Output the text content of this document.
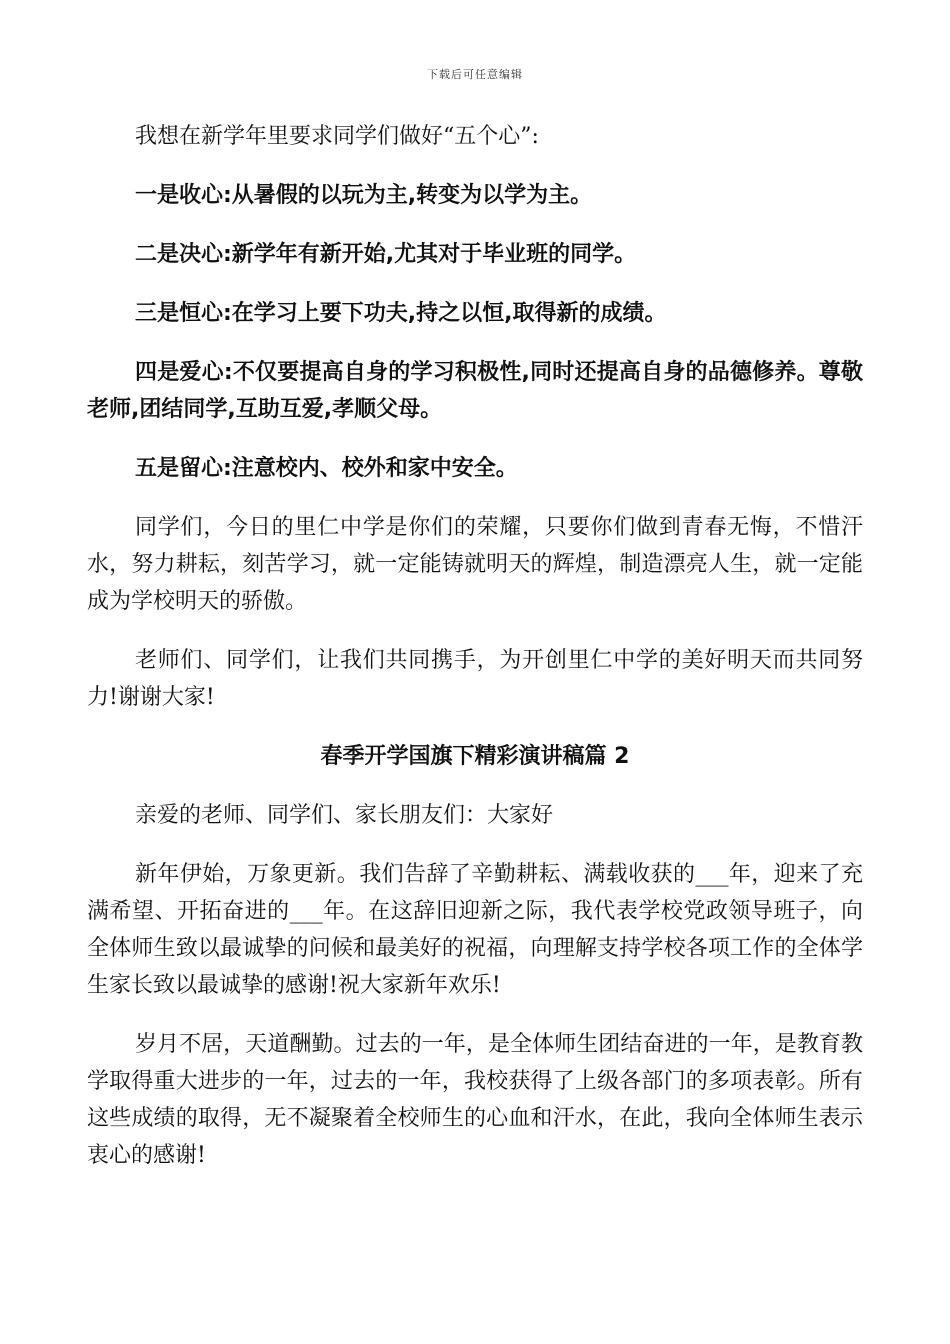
下载后可任意编辑

我想在新学年里要求同学们做好“五个心”:

一是收心:从暑假的以玩为主,转变为以学为主。

二是决心:新学年有新开始,尤其对于毕业班的同学。

三是恒心:在学习上要下功夫,持之以恒,取得新的成绩。

四是爱心:不仅要提高自身的学习积极性,同时还提高自身的品德修养。尊敬老师,团结同学,互助互爱,孝顺父母。

五是留心:注意校内、校外和家中安全。

同学们，今日的里仁中学是你们的荣耀，只要你们做到青春无悔，不惜汗水，努力耕耘，刻苦学习，就一定能铸就明天的辉煌，制造漂亮人生，就一定能成为学校明天的骄傲。

老师们、同学们，让我们共同携手，为开创里仁中学的美好明天而共同努力!谢谢大家!

春季开学国旗下精彩演讲稿篇 2

亲爱的老师、同学们、家长朋友们：大家好

新年伊始，万象更新。我们告辞了辛勤耕耘、满载收获的___年，迎来了充满希望、开拓奋进的___年。在这辞旧迎新之际，我代表学校党政领导班子，向全体师生致以最诚挚的问候和最美好的祝福，向理解支持学校各项工作的全体学生家长致以最诚挚的感谢!祝大家新年欢乐!

岁月不居，天道酬勤。过去的一年，是全体师生团结奋进的一年，是教育教学取得重大进步的一年，过去的一年，我校获得了上级各部门的多项表彰。所有这些成绩的取得，无不凝聚着全校师生的心血和汗水，在此，我向全体师生表示衷心的感谢!
